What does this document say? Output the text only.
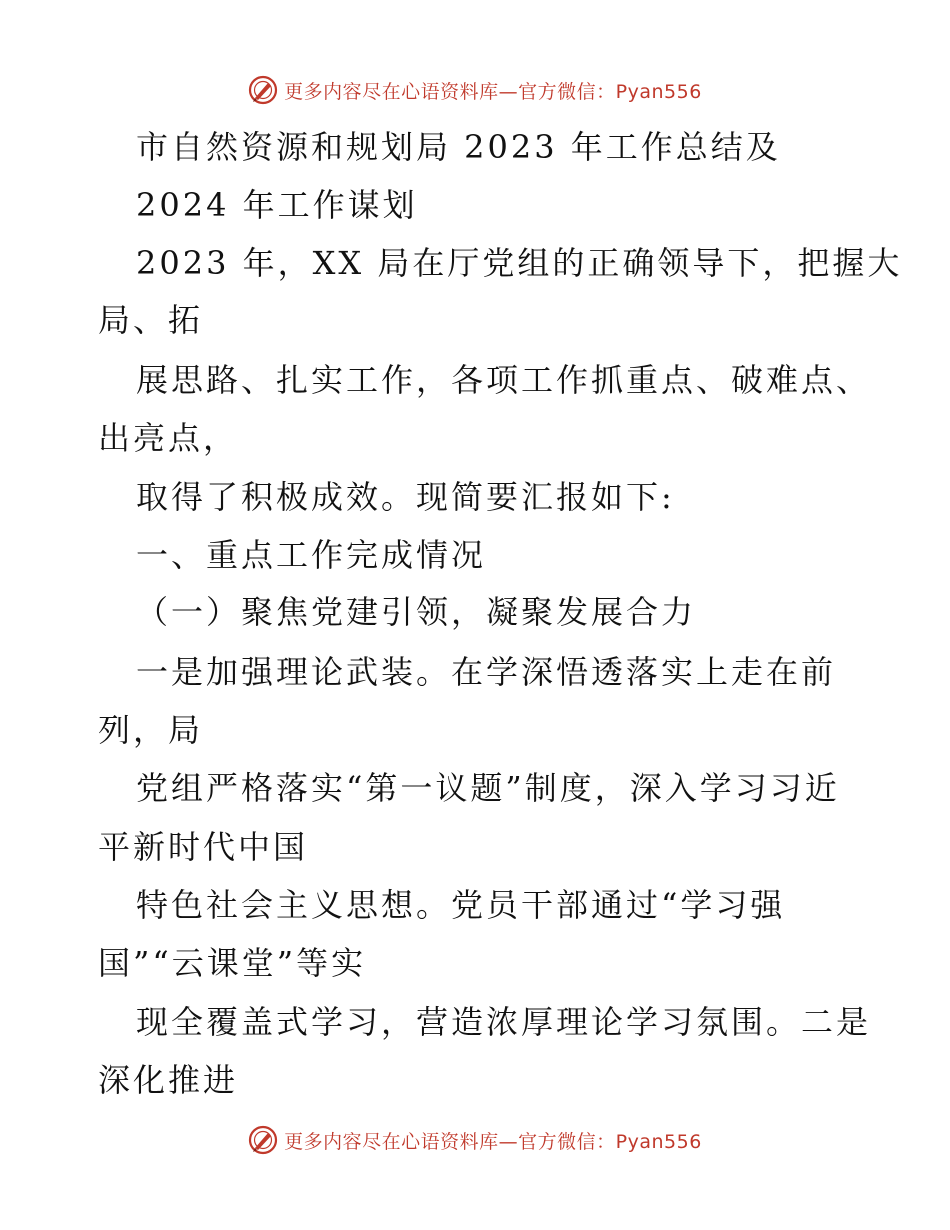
更多内容尽在心语资料库—官方微信：Pyan556
市自然资源和规划局 2023 年工作总结及
2024 年工作谋划
2023 年，XX 局在厅党组的正确领导下，把握大
局、拓
展思路、扎实工作，各项工作抓重点、破难点、
出亮点，
取得了积极成效。现简要汇报如下:
一、重点工作完成情况
（一）聚焦党建引领，凝聚发展合力
一是加强理论武装。在学深悟透落实上走在前
列，局
党组严格落实“第一议题”制度，深入学习习近
平新时代中国
特色社会主义思想。党员干部通过“学习强
国”“云课堂”等实
现全覆盖式学习，营造浓厚理论学习氛围。二是
深化推进
更多内容尽在心语资料库—官方微信：Pyan556
